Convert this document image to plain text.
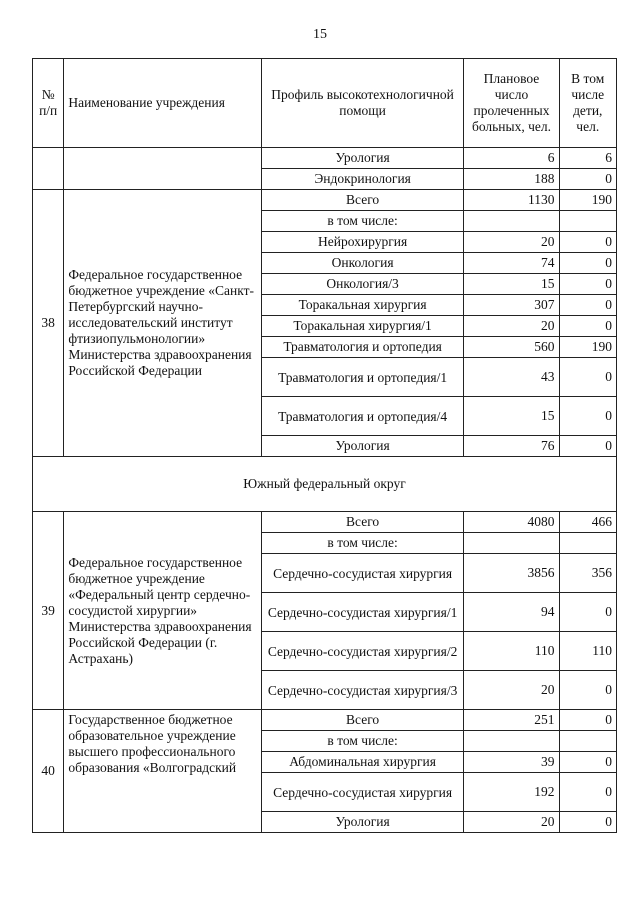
15
№ п/п	Наименование учреждения	Профиль высокотехнологичной помощи	Плановое число пролеченных больных, чел.	В том числе дети, чел.
		Урология	6	6
		Эндокринология	188	0
38	Федеральное государственное бюджетное учреждение «Санкт-Петербургский научно-исследовательский институт фтизиопульмонологии» Министерства здравоохранения Российской Федерации	Всего	1130	190
		в том числе:		
		Нейрохирургия	20	0
		Онкология	74	0
		Онкология/3	15	0
		Торакальная хирургия	307	0
		Торакальная хирургия/1	20	0
		Травматология и ортопедия	560	190
		Травматология и ортопедия/1	43	0
		Травматология и ортопедия/4	15	0
		Урология	76	0
Южный федеральный округ				
39	Федеральное государственное бюджетное учреждение «Федеральный центр сердечно-сосудистой хирургии» Министерства здравоохранения Российской Федерации (г. Астрахань)	Всего	4080	466
		в том числе:		
		Сердечно-сосудистая хирургия	3856	356
		Сердечно-сосудистая хирургия/1	94	0
		Сердечно-сосудистая хирургия/2	110	110
		Сердечно-сосудистая хирургия/3	20	0
40	Государственное бюджетное образовательное учреждение высшего профессионального образования «Волгоградский	Всего	251	0
		в том числе:		
		Абдоминальная хирургия	39	0
		Сердечно-сосудистая хирургия	192	0
		Урология	20	0
